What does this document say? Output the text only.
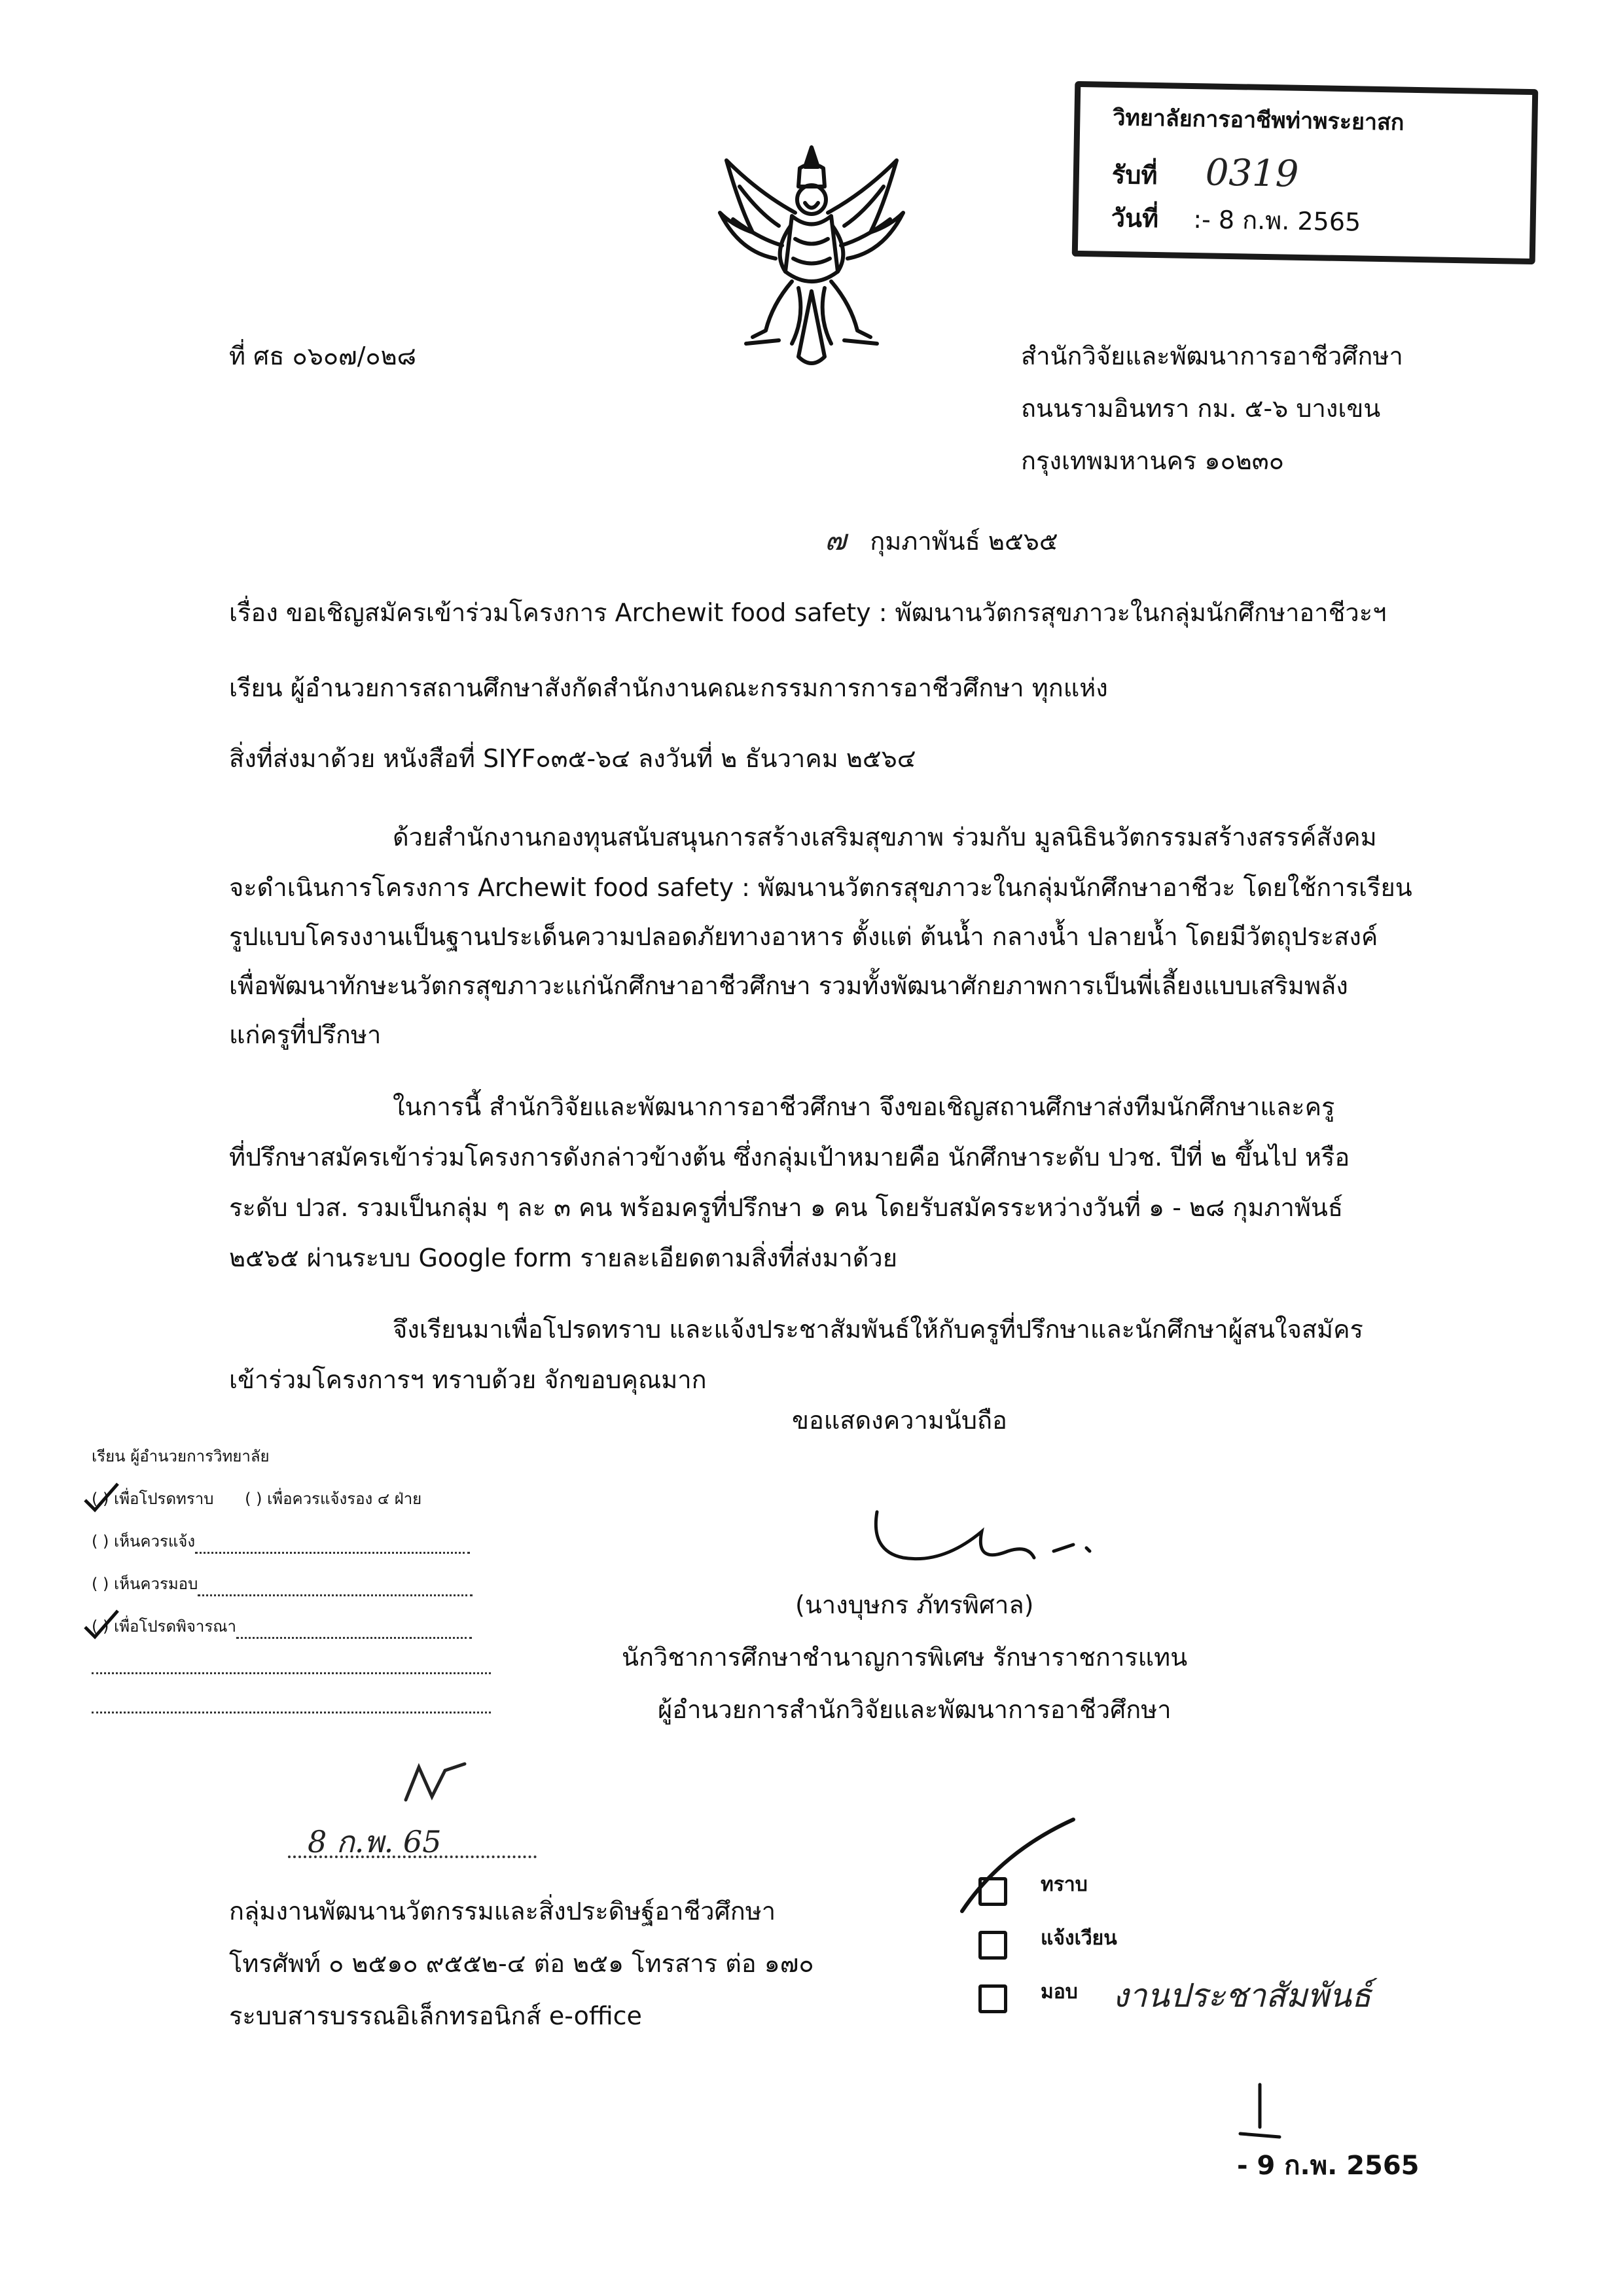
วิทยาลัยการอาชีพท่าพระยาสก
รับที่ 0319
วันที่ :- 8 ก.พ. 2565
ที่ ศธ ๐๖๐๗/๐๒๘	สำนักวิจัยและพัฒนาการอาชีวศึกษา
ถนนรามอินทรา กม. ๕-๖ บางเขน
กรุงเทพมหานคร ๑๐๒๓๐
๗ กุมภาพันธ์ ๒๕๖๕
เรื่อง ขอเชิญสมัครเข้าร่วมโครงการ Archewit food safety : พัฒนานวัตกรสุขภาวะในกลุ่มนักศึกษาอาชีวะฯ
เรียน ผู้อำนวยการสถานศึกษาสังกัดสำนักงานคณะกรรมการการอาชีวศึกษา ทุกแห่ง
สิ่งที่ส่งมาด้วย หนังสือที่ SIYF๐๓๕-๖๔ ลงวันที่ ๒ ธันวาคม ๒๕๖๔
ด้วยสำนักงานกองทุนสนับสนุนการสร้างเสริมสุขภาพ ร่วมกับ มูลนิธินวัตกรรมสร้างสรรค์สังคม
จะดำเนินการโครงการ Archewit food safety : พัฒนานวัตกรสุขภาวะในกลุ่มนักศึกษาอาชีวะ โดยใช้การเรียน
รูปแบบโครงงานเป็นฐานประเด็นความปลอดภัยทางอาหาร ตั้งแต่ ต้นน้ำ กลางน้ำ ปลายน้ำ โดยมีวัตถุประสงค์
เพื่อพัฒนาทักษะนวัตกรสุขภาวะแก่นักศึกษาอาชีวศึกษา รวมทั้งพัฒนาศักยภาพการเป็นพี่เลี้ยงแบบเสริมพลัง
แก่ครูที่ปรึกษา
ในการนี้ สำนักวิจัยและพัฒนาการอาชีวศึกษา จึงขอเชิญสถานศึกษาส่งทีมนักศึกษาและครู
ที่ปรึกษาสมัครเข้าร่วมโครงการดังกล่าวข้างต้น ซึ่งกลุ่มเป้าหมายคือ นักศึกษาระดับ ปวช. ปีที่ ๒ ขึ้นไป หรือ
ระดับ ปวส. รวมเป็นกลุ่ม ๆ ละ ๓ คน พร้อมครูที่ปรึกษา ๑ คน โดยรับสมัครระหว่างวันที่ ๑ - ๒๘ กุมภาพันธ์
๒๕๖๕ ผ่านระบบ Google form รายละเอียดตามสิ่งที่ส่งมาด้วย
จึงเรียนมาเพื่อโปรดทราบ และแจ้งประชาสัมพันธ์ให้กับครูที่ปรึกษาและนักศึกษาผู้สนใจสมัคร
เข้าร่วมโครงการฯ ทราบด้วย จักขอบคุณมาก
ขอแสดงความนับถือ
เรียน ผู้อำนวยการวิทยาลัย
( ) เพื่อโปรดทราบ ( ) เพื่อควรแจ้งรอง ๔ ฝ่าย
( ) เห็นควรแจ้ง
( ) เห็นควรมอบ
( ) เพื่อโปรดพิจารณา
(นางบุษกร ภัทรพิศาล)
นักวิชาการศึกษาชำนาญการพิเศษ รักษาราชการแทน
ผู้อำนวยการสำนักวิจัยและพัฒนาการอาชีวศึกษา
8 ก.พ. 65
กลุ่มงานพัฒนานวัตกรรมและสิ่งประดิษฐ์อาชีวศึกษา
โทรศัพท์ ๐ ๒๕๑๐ ๙๕๕๒-๔ ต่อ ๒๕๑ โทรสาร ต่อ ๑๗๐
ระบบสารบรรณอิเล็กทรอนิกส์ e-office
ทราบ
แจ้งเวียน
มอบ งานประชาสัมพันธ์
- 9 ก.พ. 2565
